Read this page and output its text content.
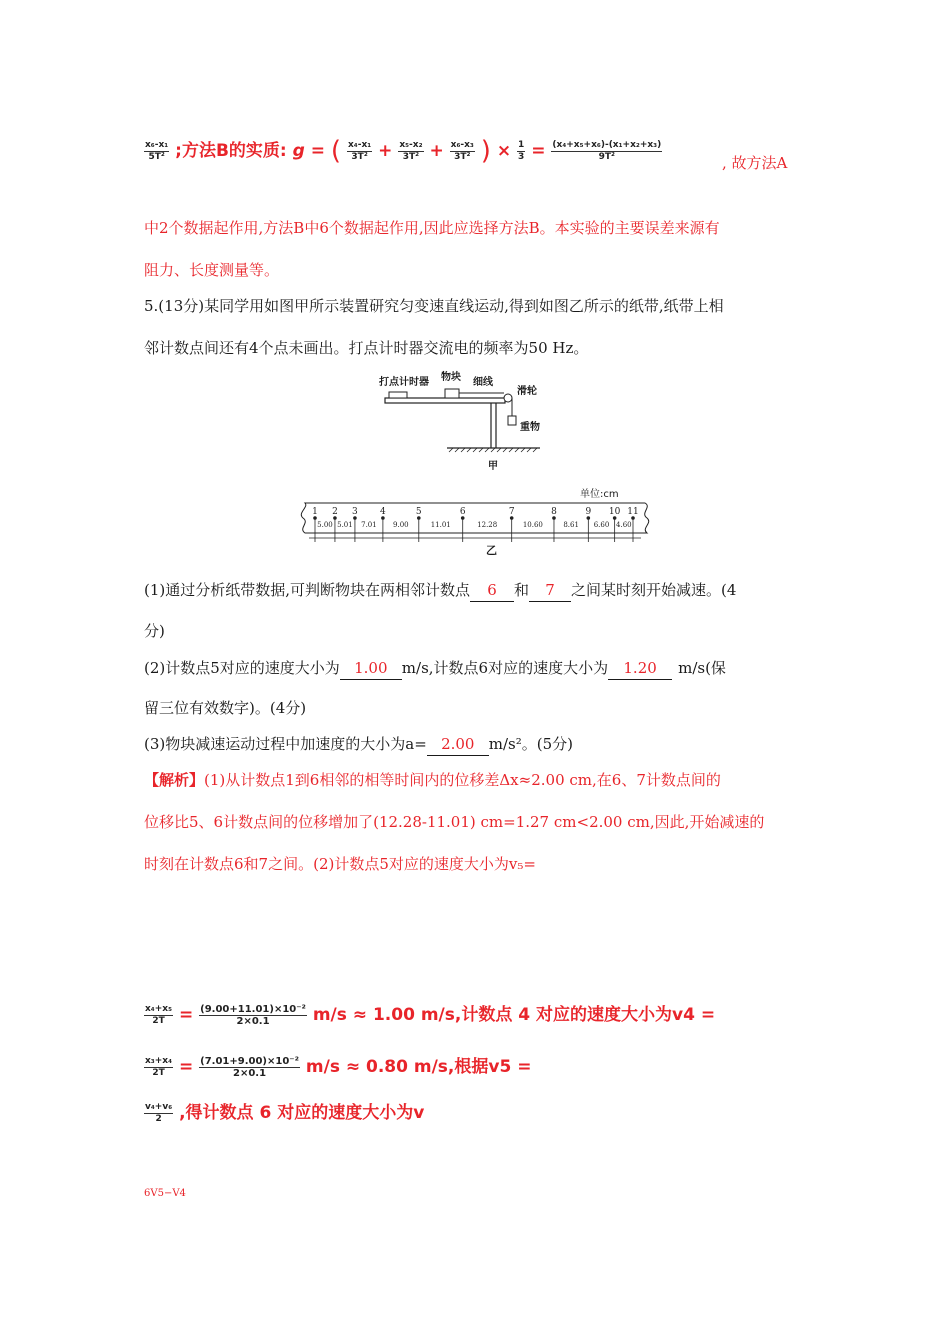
$\frac{\text{x₆-x₁}}{\text{5T²}}$ ;方法B的实质: g = ( $\frac{\text{x₄-x₁}}{\text{3T²}} + \frac{\text{x₅-x₂}}{\text{3T²}} + \frac{\text{x₆-x₃}}{\text{3T²}}$ ) × $\frac{1}{3} = \frac{\text{(x₄+x₅+x₆)-(x₁+x₂+x₃)}}{\text{9T²}}$
, 故方法A
中2个数据起作用,方法B中6个数据起作用,因此应选择方法B。本实验的主要误差来源有
阻力、长度测量等。
5.(13分)某同学用如图甲所示装置研究匀变速直线运动,得到如图乙所示的纸带,纸带上相
邻计数点间还有4个点未画出。打点计时器交流电的频率为50 Hz。
打点计时器 物块 细线
滑轮
重物
甲
1 2 3 4	5	6	7	8	9 10 11
5.00 5.01 7.01 9.00	11.01	12.28	10.60	8.61 6.60 4.60
单位:cm
乙
(1)通过分析纸带数据,可判断物块在两相邻计数点 6 和 7 之间某时刻开始减速。(4
分)
(2)计数点5对应的速度大小为 1.00 m/s,计数点6对应的速度大小为 1.20 m/s(保
留三位有效数字)。(4分)
(3)物块减速运动过程中加速度的大小为a= 2.00 m/s²。(5分)
【解析】(1)从计数点1到6相邻的相等时间内的位移差Δx≈2.00 cm,在6、7计数点间的
位移比5、6计数点间的位移增加了(12.28-11.01) cm=1.27 cm<2.00 cm,因此,开始减速的
时刻在计数点6和7之间。(2)计数点5对应的速度大小为v₅=
$\frac{\text{x₄+x₅}}{2T} = \frac{\text{(9.00+11.01)×10⁻²}}{2\times 0.1} m/s \approx 1.00$ m/s,计数点 4 对应的速度大小为v4 =
$\frac{\text{x₃+x₄}}{2T} = \frac{\text{(7.01+9.00)×10⁻²}}{2\times 0.1} m/s \approx 0.80$ m/s,根据v5 =
$\frac{\text{v₄+v₆}}{2}$ ,得计数点 6 对应的速度大小为v
6V5−V4
